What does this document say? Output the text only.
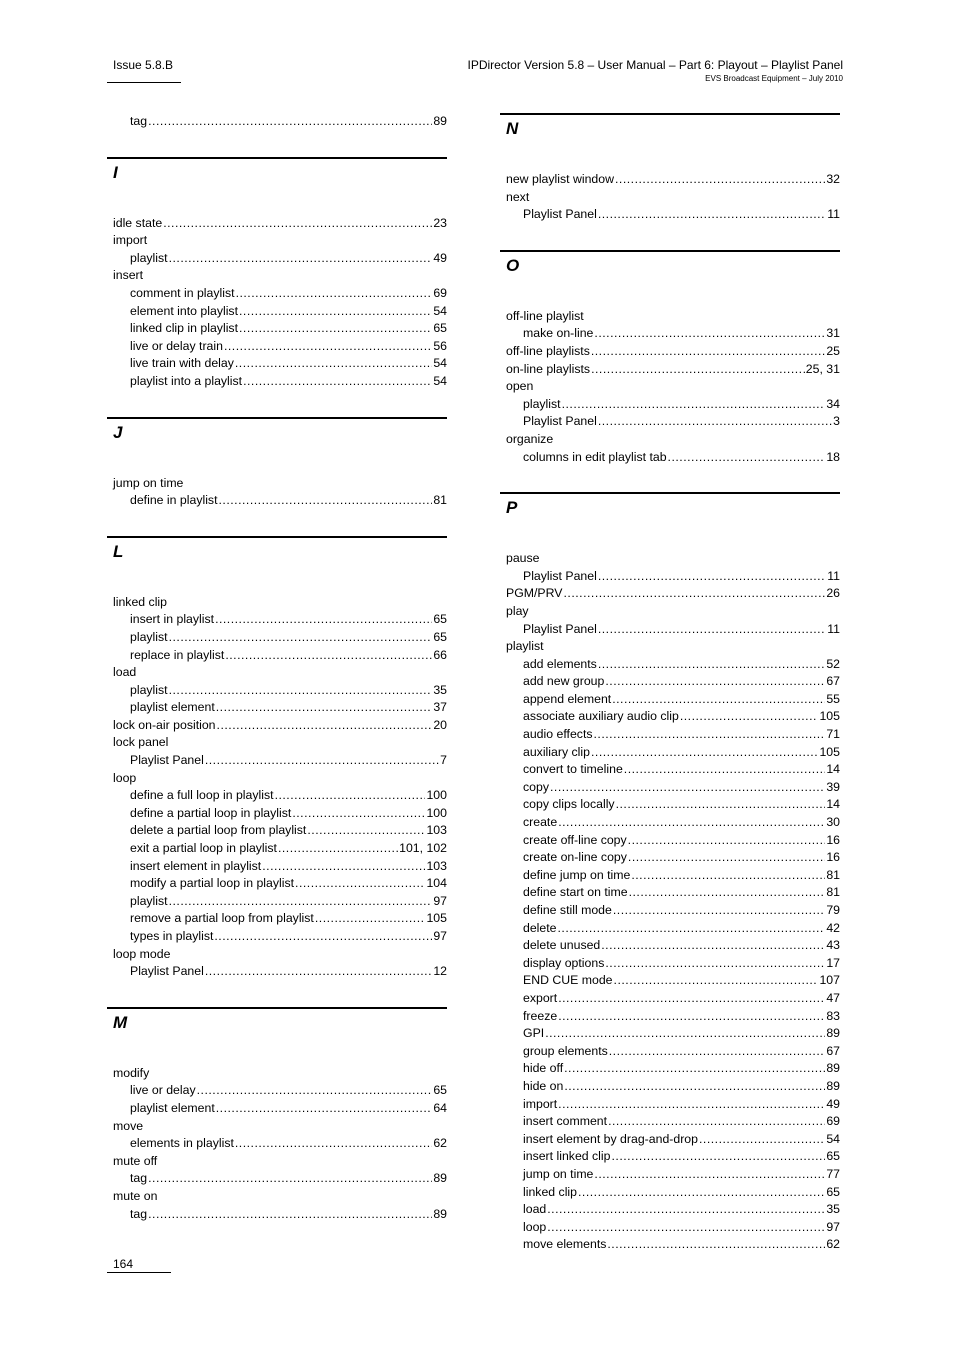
Issue 5.8.B	IPDirector Version 5.8 – User Manual – Part 6: Playout – Playlist Panel
EVS Broadcast Equipment – July 2010
tag .....	89
I
idle state .....	23
import
playlist .....	49
insert
comment in playlist .....	69
element into playlist .....	54
linked clip in playlist .....	65
live or delay train .....	56
live train with delay .....	54
playlist into a playlist .....	54
J
jump on time
define in playlist .....	81
L
linked clip
insert in playlist .....	65
playlist .....	65
replace in playlist .....	66
load
playlist .....	35
playlist element .....	37
lock on-air position .....	20
lock panel
Playlist Panel .....	7
loop
define a full loop in playlist .....	100
define a partial loop in playlist .....	100
delete a partial loop from playlist .....	103
exit a partial loop in playlist .....	101, 102
insert element in playlist .....	103
modify a partial loop in playlist .....	104
playlist .....	97
remove a partial loop from playlist .....	105
types in playlist .....	97
loop mode
Playlist Panel .....	12
M
modify
live or delay .....	65
playlist element .....	64
move
elements in playlist .....	62
mute off
tag .....	89
mute on
tag .....	89
N
new playlist window .....	32
next
Playlist Panel .....	11
O
off-line playlist
make on-line .....	31
off-line playlists .....	25
on-line playlists .....	25, 31
open
playlist .....	34
Playlist Panel .....	3
organize
columns in edit playlist tab .....	18
P
pause
Playlist Panel .....	11
PGM/PRV .....	26
play
Playlist Panel .....	11
playlist
add elements .....	52
add new group .....	67
append element .....	55
associate auxiliary audio clip .....	105
audio effects .....	71
auxiliary clip .....	105
convert to timeline .....	14
copy .....	39
copy clips locally .....	14
create .....	30
create off-line copy .....	16
create on-line copy .....	16
define jump on time .....	81
define start on time .....	81
define still mode .....	79
delete .....	42
delete unused .....	43
display options .....	17
END CUE mode .....	107
export .....	47
freeze .....	83
GPI .....	89
group elements .....	67
hide off .....	89
hide on .....	89
import .....	49
insert comment .....	69
insert element by drag-and-drop .....	54
insert linked clip .....	65
jump on time .....	77
linked clip .....	65
load .....	35
loop .....	97
move elements .....	62
164
